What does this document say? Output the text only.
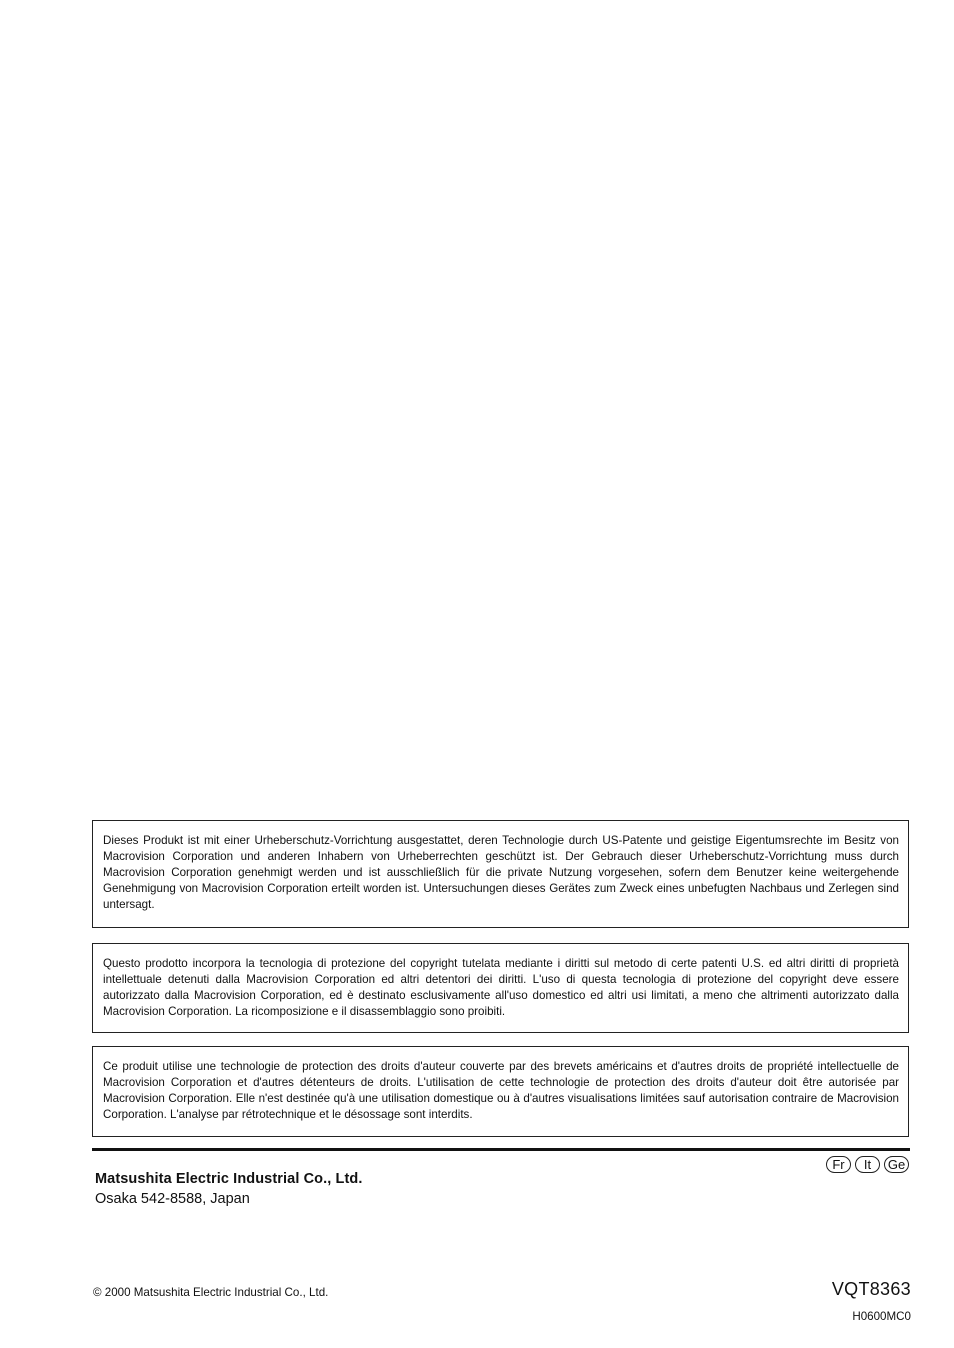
Dieses Produkt ist mit einer Urheberschutz-Vorrichtung ausgestattet, deren Technologie durch US-Patente und geistige Eigentumsrechte im Besitz von Macrovision Corporation und anderen Inhabern von Urheberrechten geschützt ist. Der Gebrauch dieser Urheberschutz-Vorrichtung muss durch Macrovision Corporation genehmigt werden und ist ausschließlich für die private Nutzung vorgesehen, sofern dem Benutzer keine weitergehende Genehmigung von Macrovision Corporation erteilt worden ist. Untersuchungen dieses Gerätes zum Zweck eines unbefugten Nachbaus und Zerlegen sind untersagt.
Questo prodotto incorpora la tecnologia di protezione del copyright tutelata mediante i diritti sul metodo di certe patenti U.S. ed altri diritti di proprietà intellettuale detenuti dalla Macrovision Corporation ed altri detentori dei diritti. L'uso di questa tecnologia di protezione del copyright deve essere autorizzato dalla Macrovision Corporation, ed è destinato esclusivamente all'uso domestico ed altri usi limitati, a meno che altrimenti autorizzato dalla Macrovision Corporation. La ricomposizione e il disassemblaggio sono proibiti.
Ce produit utilise une technologie de protection des droits d'auteur couverte par des brevets américains et d'autres droits de propriété intellectuelle de Macrovision Corporation et d'autres détenteurs de droits. L'utilisation de cette technologie de protection des droits d'auteur doit être autorisée par Macrovision Corporation. Elle n'est destinée qu'à une utilisation domestique ou à d'autres visualisations limitées sauf autorisation contraire de Macrovision Corporation. L'analyse par rétrotechnique et le désossage sont interdits.
Matsushita Electric Industrial Co., Ltd.
Osaka 542-8588, Japan
Fr	It	Ge
© 2000 Matsushita Electric Industrial Co., Ltd.	VQT8363
H0600MC0
